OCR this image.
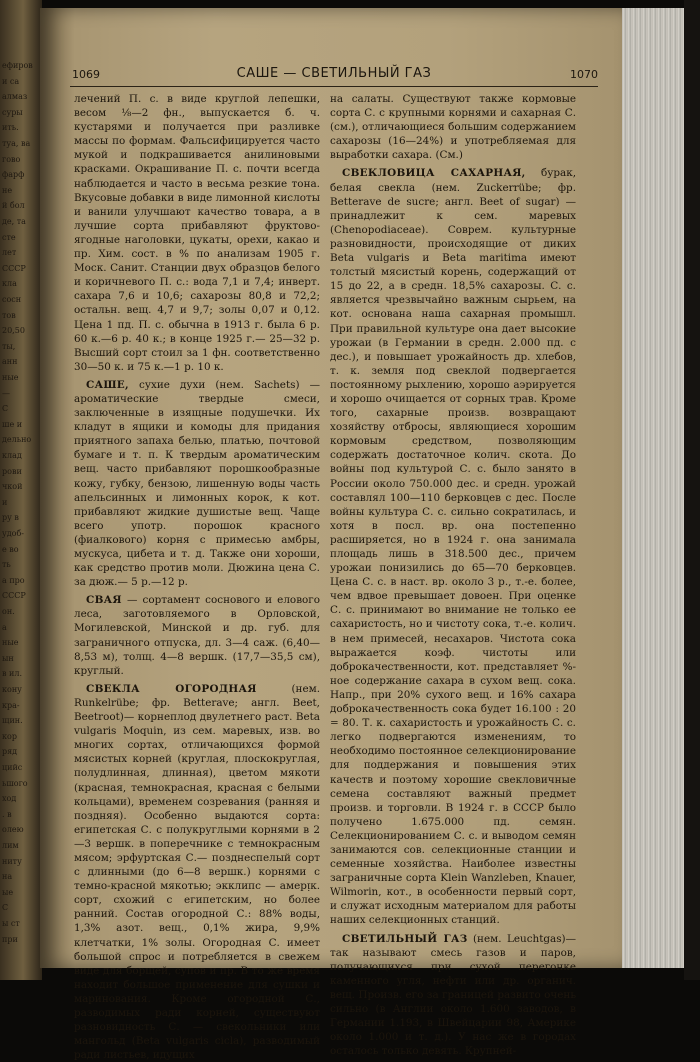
ефиров
и са
алмаз
суры
ить.
туа, ва
гово
фарф
не
й бол
де, та
сте
лет
СССР
кла
сосн
тов
20,50
ты,
анн
ные
—
С
ше и
дельно
клад
рови
чкой
и
ру в
удоб-
е во
ть
а про
СССР
он.
а
ные
ын
в ил.
кону
кра-
щин.
кор
ряд
цийс
ьшого
ход
. в
олею
лим
ниту
на
ые
С
ы ст
при
1069	САШЕ — СВЕТИЛЬНЫЙ ГАЗ	1070

лечений П. с. в виде круглой лепешки, весом ⅛—2 фн., выпускается б. ч. кустарями и получается при разливке массы по формам. Фальсифицируется часто мукой и подкрашивается анилиновыми красками. Окрашивание П. с. почти всегда наблюдается и часто в весьма резкие тона. Вкусовые добавки в виде лимонной кислоты и ванили улучшают качество товара, а в лучшие сорта прибавляют фруктово-ягодные наголовки, цукаты, орехи, какао и пр. Хим. сост. в % по анализам 1905 г. Моск. Санит. Станции двух образцов белого и коричневого П. с.: вода 7,1 и 7,4; инверт. сахара 7,6 и 10,6; сахарозы 80,8 и 72,2; остальн. вещ. 4,7 и 9,7; золы 0,07 и 0,12. Цена 1 пд. П. с. обычна в 1913 г. была 6 р. 60 к.—6 р. 40 к.; в конце 1925 г.— 25—32 р. Высший сорт стоил за 1 фн. соответственно 30—50 к. и 75 к.—1 р. 10 к.

САШЕ, сухие духи (нем. Sachets) — ароматические твердые смеси, заключенные в изящные подушечки. Их кладут в ящики и комоды для придания приятного запаха белью, платью, почтовой бумаге и т. п. К твердым ароматическим вещ. часто прибавляют порошкообразные кожу, губку, бензою, лишенную воды часть апельсинных и лимонных корок, к кот. прибавляют жидкие душистые вещ. Чаще всего употр. порошок красного (фиалкового) корня с примесью амбры, мускуса, цибета и т. д. Также они хороши, как средство против моли. Дюжина цена С. за дюж.— 5 р.—12 р.

СВАЯ — сортамент соснового и елового леса, заготовляемого в Орловской, Могилевской, Минской и др. губ. для заграничного отпуска, дл. 3—4 саж. (6,40—8,53 м), толщ. 4—8 вершк. (17,7—35,5 см), круглый.

СВЕКЛА ОГОРОДНАЯ	(нем. Runkelrübe; фр. Betterave; англ. Beet, Beetroot)— корнеплод двулетнего раст. Beta vulgaris Moquin, из сем. маревых, изв. во многих сортах, отличающихся формой мясистых корней (круглая, плоскокруглая, полудлинная, длинная), цветом мякоти (красная, темнокрасная, красная с белыми кольцами), временем созревания (ранняя и поздняя). Особенно выдаются сорта: египетская С. с полукруглыми корнями в 2—3 вершк. в поперечнике с темнокрасным мясом; эрфуртская С.— позднеспелый сорт с длинными (до 6—8 вершк.) корнями с темно-красной мякотью; экклипс — амерᴉк. сорт, схожий с египетским, но более ранний. Состав огородной С.: 88% воды, 1,3% азот. вещ., 0,1% жира, 9,9% клетчатки, 1% золы. Огородная С. имеет большой спрос и потребляется в свежем виде для борщей, супов и пр. В то же время находит большое применение для сушки и маринования. Кроме огородной С., разводимых ради корней, существуют разновидность С. — свекольники или мангольд (Beta vulgaris cicla), разводимый ради листьев, идущих

на салаты. Существуют также кормовые сорта С. с крупными корнями и сахарная С. (см.), отличающиеся большим содержанием сахарозы (16—24%) и употребляемая для выработки сахара. (См.)

СВЕКЛОВИЦА САХАРНАЯ, бурак, белая свекла (нем. Zuckerrübe; фр. Betterave de sucre; англ. Beet of sugar) — принадлежит к сем. маревых (Chenopodiaceae). Соврем. культурные разновидности, происходящие от диких Beta vulgaris и Beta maritima имеют толстый мясистый корень, содержащий от 15 до 22, а в средн. 18,5% сахарозы. С. с. является чрезвычайно важным сырьем, на кот. основана наша сахарная промышл. При правильной культуре она дает высокие урожаи (в Германии в средн. 2.000 пд. с дес.), и повышает урожайность др. хлебов, т. к. земля под свеклой подвергается постоянному рыхлению, хорошо аэрируется и хорошо очищается от сорных трав. Кроме того, сахарные произв. возвращают хозяйству отбросы, являющиеся хорошим кормовым средством, позволяющим содержать достаточное колич. скота. До войны под культурой С. с. было занято в России около 750.000 дес. и средн. урожай составлял 100—110 берковцев с дес. После войны культура С. с. сильно сократилась, и хотя в посл. вр. она постепенно расширяется, но в 1924 г. она занимала площадь лишь в 318.500 дес., причем урожаи понизились до 65—70 берковцев. Цена С. с. в наст. вр. около 3 р., т.-е. более, чем вдвое превышает довоен. При оценке С. с. принимают во внимание не только ее сахаристость, но и чистоту сока, т.-е. колич. в нем примесей, несахаров. Чистота сока выражается коэф. чистоты или доброкачественности, кот. представляет %-ное содержание сахара в сухом вещ. сока. Напр., при 20% сухого вещ. и 16% сахара доброкачественность сока будет 16.100 : 20 = 80. Т. к. сахаристость и урожайность С. с. легко подвергаются изменениям, то необходимо постоянное селекционирование для поддержания и повышения этих качеств и поэтому хорошие свекловичные семена составляют важный предмет произв. и торговли. В 1924 г. в СССР было получено 1.675.000 пд. семян. Селекционированием С. с. и выводом семян занимаются сов. селекционные станции и семенные хозяйства. Наиболее известны заграничные сорта Klein Wanzleben, Knauer, Wilmorin, кот., в особенности первый сорт, и служат исходным материалом для работы наших селекционных станций.

СВЕТИЛЬНЫЙ ГАЗ (нем. Leuchtgas)— так называют смесь газов и паров, получающихся при сухой перегонке каменного угля, нефти или др. органич. вещ. Произв. его за границей развито очень сильно (в Англии около 1.600 заводов, в Германии 1.193, в Швейцарии 98, Америке около 1.000 и т. д.). У нас же в городах осталось только девять. Крупней-
